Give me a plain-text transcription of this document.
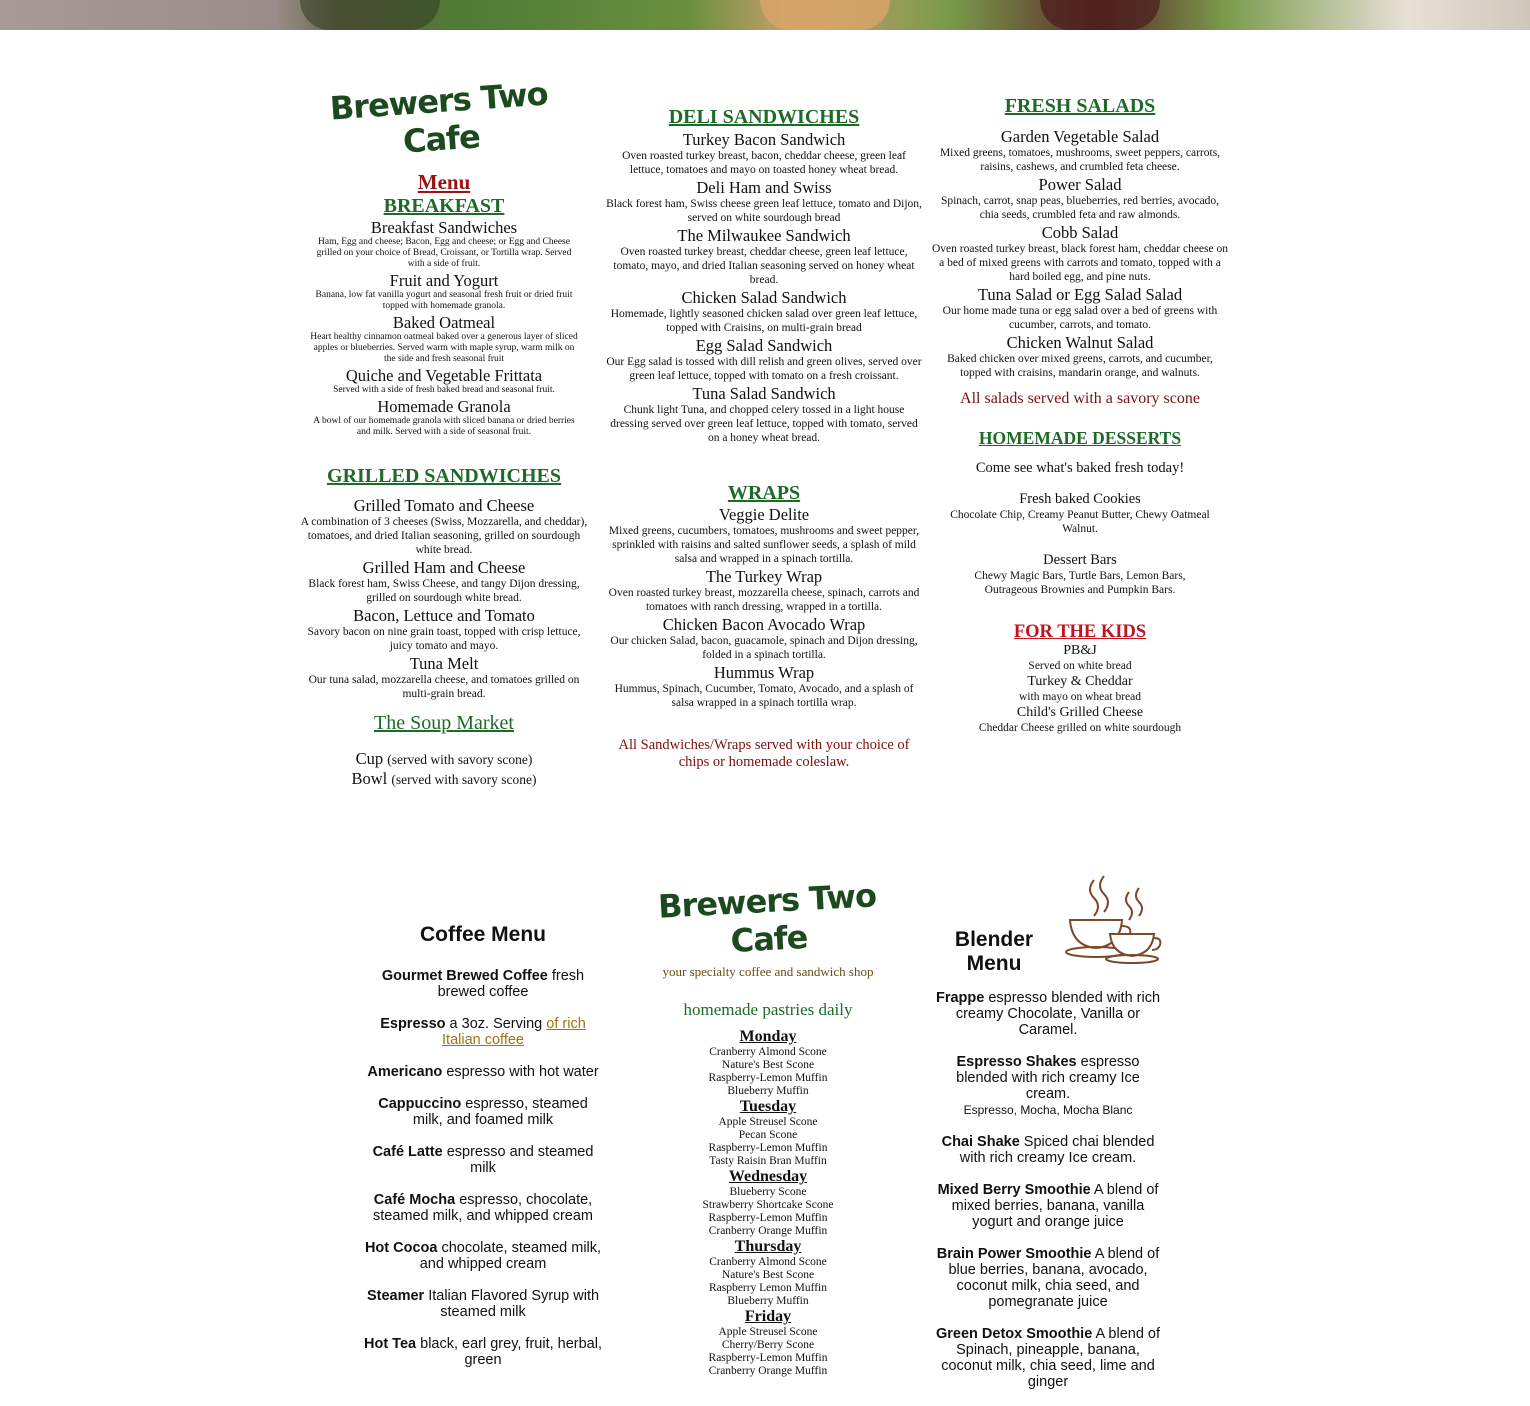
Brewers Two Cafe
Menu
BREAKFAST
Breakfast Sandwiches
Ham, Egg and cheese; Bacon, Egg and cheese; or Egg and Cheese grilled on your choice of Bread, Croissant, or Tortilla wrap. Served with a side of fruit.
Fruit and Yogurt
Banana, low fat vanilla yogurt and seasonal fresh fruit or dried fruit topped with homemade granola.
Baked Oatmeal
Heart healthy cinnamon oatmeal baked over a generous layer of sliced apples or blueberries. Served warm with maple syrup, warm milk on the side and fresh seasonal fruit
Quiche and Vegetable Frittata
Served with a side of fresh baked bread and seasonal fruit.
Homemade Granola
A bowl of our homemade granola with sliced banana or dried berries and milk. Served with a side of seasonal fruit.
GRILLED SANDWICHES
Grilled Tomato and Cheese
A combination of 3 cheeses (Swiss, Mozzarella, and cheddar), tomatoes, and dried Italian seasoning, grilled on sourdough white bread.
Grilled Ham and Cheese
Black forest ham, Swiss Cheese, and tangy Dijon dressing, grilled on sourdough white bread.
Bacon, Lettuce and Tomato
Savory bacon on nine grain toast, topped with crisp lettuce, juicy tomato and mayo.
Tuna Melt
Our tuna salad, mozzarella cheese, and tomatoes grilled on multi-grain bread.
The Soup Market
Cup (served with savory scone)
Bowl (served with savory scone)
DELI SANDWICHES
Turkey Bacon Sandwich
Oven roasted turkey breast, bacon, cheddar cheese, green leaf lettuce, tomatoes and mayo on toasted honey wheat bread.
Deli Ham and Swiss
Black forest ham, Swiss cheese green leaf lettuce, tomato and Dijon, served on white sourdough bread
The Milwaukee Sandwich
Oven roasted turkey breast, cheddar cheese, green leaf lettuce, tomato, mayo, and dried Italian seasoning served on honey wheat bread.
Chicken Salad Sandwich
Homemade, lightly seasoned chicken salad over green leaf lettuce, topped with Craisins, on multi-grain bread
Egg Salad Sandwich
Our Egg salad is tossed with dill relish and green olives, served over green leaf lettuce, topped with tomato on a fresh croissant.
Tuna Salad Sandwich
Chunk light Tuna, and chopped celery tossed in a light house dressing served over green leaf lettuce, topped with tomato, served on a honey wheat bread.
WRAPS
Veggie Delite
Mixed greens, cucumbers, tomatoes, mushrooms and sweet pepper, sprinkled with raisins and salted sunflower seeds, a splash of mild salsa and wrapped in a spinach tortilla.
The Turkey Wrap
Oven roasted turkey breast, mozzarella cheese, spinach, carrots and tomatoes with ranch dressing, wrapped in a tortilla.
Chicken Bacon Avocado Wrap
Our chicken Salad, bacon, guacamole, spinach and Dijon dressing, folded in a spinach tortilla.
Hummus Wrap
Hummus, Spinach, Cucumber, Tomato, Avocado, and a splash of salsa wrapped in a spinach tortilla wrap.
All Sandwiches/Wraps served with your choice of chips or homemade coleslaw.
FRESH SALADS
Garden Vegetable Salad
Mixed greens, tomatoes, mushrooms, sweet peppers, carrots, raisins, cashews, and crumbled feta cheese.
Power Salad
Spinach, carrot, snap peas, blueberries, red berries, avocado, chia seeds, crumbled feta and raw almonds.
Cobb Salad
Oven roasted turkey breast, black forest ham, cheddar cheese on a bed of mixed greens with carrots and tomato, topped with a hard boiled egg, and pine nuts.
Tuna Salad or Egg Salad Salad
Our home made tuna or egg salad over a bed of greens with cucumber, carrots, and tomato.
Chicken Walnut Salad
Baked chicken over mixed greens, carrots, and cucumber, topped with craisins, mandarin orange, and walnuts.
All salads served with a savory scone
HOMEMADE DESSERTS
Come see what's baked fresh today!
Fresh baked Cookies
Chocolate Chip, Creamy Peanut Butter, Chewy Oatmeal Walnut.
Dessert Bars
Chewy Magic Bars, Turtle Bars, Lemon Bars, Outrageous Brownies and Pumpkin Bars.
FOR THE KIDS
PB&J
Served on white bread
Turkey & Cheddar
with mayo on wheat bread
Child's Grilled Cheese
Cheddar Cheese grilled on white sourdough
Coffee Menu

Gourmet Brewed Coffee fresh brewed coffee

Espresso a 3oz. Serving of rich Italian coffee

Americano espresso with hot water

Cappuccino espresso, steamed milk, and foamed milk

Café Latte espresso and steamed milk

Café Mocha espresso, chocolate, steamed milk, and whipped cream

Hot Cocoa chocolate, steamed milk, and whipped cream

Steamer Italian Flavored Syrup with steamed milk

Hot Tea black, earl grey, fruit, herbal, green

Brewers Two Cafe
your specialty coffee and sandwich shop
homemade pastries daily
Monday
Cranberry Almond Scone
Nature's Best Scone
Raspberry-Lemon Muffin
Blueberry Muffin
Tuesday
Apple Streusel Scone
Pecan Scone
Raspberry-Lemon Muffin
Tasty Raisin Bran Muffin
Wednesday
Blueberry Scone
Strawberry Shortcake Scone
Raspberry-Lemon Muffin
Cranberry Orange Muffin
Thursday
Cranberry Almond Scone
Nature's Best Scone
Raspberry Lemon Muffin
Blueberry Muffin
Friday
Apple Streusel Scone
Cherry/Berry Scone
Raspberry-Lemon Muffin
Cranberry Orange Muffin
Blender
Menu

Frappe espresso blended with rich creamy Chocolate, Vanilla or Caramel.

Espresso Shakes espresso blended with rich creamy Ice cream.
Espresso, Mocha, Mocha Blanc

Chai Shake Spiced chai blended with rich creamy Ice cream.

Mixed Berry Smoothie A blend of mixed berries, banana, vanilla yogurt and orange juice

Brain Power Smoothie A blend of blue berries, banana, avocado, coconut milk, chia seed, and pomegranate juice

Green Detox Smoothie A blend of Spinach, pineapple, banana, coconut milk, chia seed, lime and ginger
